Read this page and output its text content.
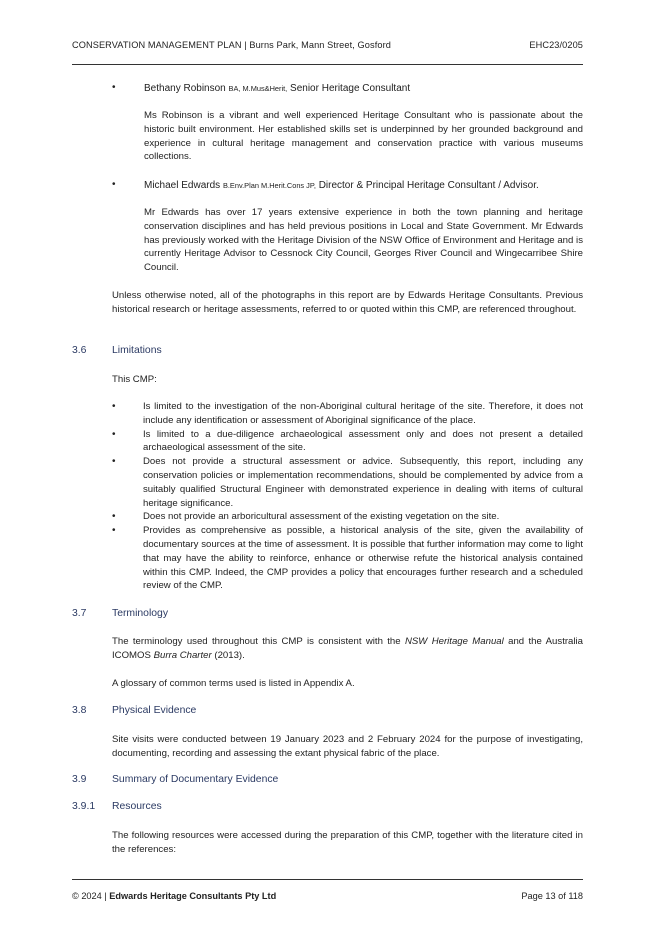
CONSERVATION MANAGEMENT PLAN | Burns Park, Mann Street, Gosford	EHC23/0205
•	Bethany Robinson BA, M.Mus&Herit, Senior Heritage Consultant

Ms Robinson is a vibrant and well experienced Heritage Consultant who is passionate about the historic built environment. Her established skills set is underpinned by her grounded background and experience in cultural heritage management and conservation practice with various museums collections.

•	Michael Edwards B.Env.Plan M.Herit.Cons JP, Director & Principal Heritage Consultant / Advisor.

Mr Edwards has over 17 years extensive experience in both the town planning and heritage conservation disciplines and has held previous positions in Local and State Government. Mr Edwards has previously worked with the Heritage Division of the NSW Office of Environment and Heritage and is currently Heritage Advisor to Cessnock City Council, Georges River Council and Wingecarribee Shire Council.

Unless otherwise noted, all of the photographs in this report are by Edwards Heritage Consultants. Previous historical research or heritage assessments, referred to or quoted within this CMP, are referenced throughout.

3.6 Limitations

This CMP:

• Is limited to the investigation of the non-Aboriginal cultural heritage of the site. Therefore, it does not include any identification or assessment of Aboriginal significance of the place.
• Is limited to a due-diligence archaeological assessment only and does not present a detailed archaeological assessment of the site.
• Does not provide a structural assessment or advice. Subsequently, this report, including any conservation policies or implementation recommendations, should be complemented by advice from a suitably qualified Structural Engineer with demonstrated experience in dealing with items of cultural heritage significance.
• Does not provide an arboricultural assessment of the existing vegetation on the site.
• Provides as comprehensive as possible, a historical analysis of the site, given the availability of documentary sources at the time of assessment. It is possible that further information may come to light that may have the ability to reinforce, enhance or otherwise refute the historical analysis contained within this CMP. Indeed, the CMP provides a policy that encourages further research and a scheduled review of the CMP.
3.7 Terminology

The terminology used throughout this CMP is consistent with the NSW Heritage Manual and the Australia ICOMOS Burra Charter (2013).

A glossary of common terms used is listed in Appendix A.

3.8 Physical Evidence

Site visits were conducted between 19 January 2023 and 2 February 2024 for the purpose of investigating, documenting, recording and assessing the extant physical fabric of the place.

3.9 Summary of Documentary Evidence
3.9.1 Resources

The following resources were accessed during the preparation of this CMP, together with the literature cited in the references:

© 2024 | Edwards Heritage Consultants Pty Ltd	Page 13 of 118
